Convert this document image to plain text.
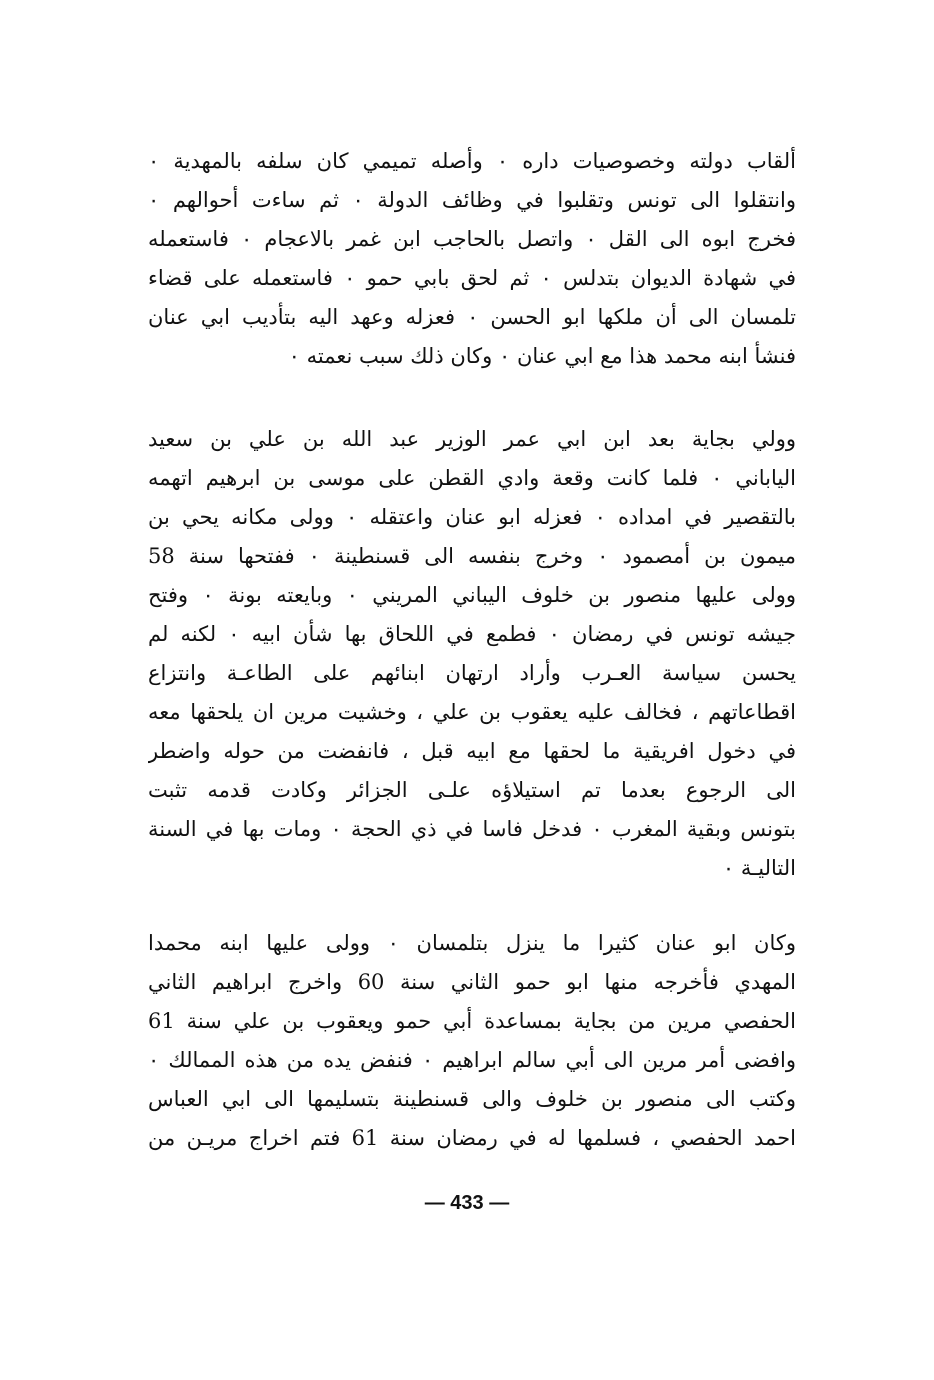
ألقاب دولته وخصوصيات داره ٠ وأصله تميمي كان سلفه بالمهدية ٠
وانتقلوا الى تونس وتقلبوا في وظائف الدولة ٠ ثم ساءت أحوالهم ٠
فخرج ابوه الى القل ٠ واتصل بالحاجب ابن غمر بالاعجام ٠ فاستعمله
في شهادة الديوان بتدلس ٠ ثم لحق بابي حمو ٠ فاستعمله على قضاء
تلمسان الى أن ملكها ابو الحسن ٠ فعزله وعهد اليه بتأديب ابي عنان
فنشأ ابنه محمد هذا مع ابي عنان ٠ وكان ذلك سبب نعمته ٠
وولي بجاية بعد ابن ابي عمر الوزير عبد الله بن علي بن سعيد
الياباني ٠ فلما كانت وقعة وادي القطن على موسى بن ابرهيم اتهمه
بالتقصير في امداده ٠ فعزله ابو عنان واعتقله ٠ وولى مكانه يحي بن
ميمون بن أمصمود ٠ وخرج بنفسه الى قسنطينة ٠ ففتحها سنة 58
وولى عليها منصور بن خلوف اليباني المريني ٠ وبايعته بونة ٠ وفتح
جيشه تونس في رمضان ٠ فطمع في اللحاق بها شأن ابيه ٠ لكنه لم
يحسن سياسة العـرب وأراد ارتهان ابنائهم على الطاعـة وانتزاع
اقطاعاتهم ، فخالف عليه يعقوب بن علي ، وخشيت مرين ان يلحقها معه
في دخول افريقية ما لحقها مع ابيه قبل ، فانفضت من حوله واضطر
الى الرجوع بعدما تم استيلاؤه علـى الجزائر وكادت قدمه تثبت
بتونس وبقية المغرب ٠ فدخل فاسا في ذي الحجة ٠ ومات بها في السنة
التاليـة ٠
وكان ابو عنان كثيرا ما ينزل بتلمسان ٠ وولى عليها ابنه محمدا
المهدي فأخرجه منها ابو حمو الثاني سنة 60 واخرج ابراهيم الثاني
الحفصي مرين من بجاية بمساعدة أبي حمو ويعقوب بن علي سنة 61
وافضى أمر مرين الى أبي سالم ابراهيم ٠ فنفض يده من هذه الممالك ٠
وكتب الى منصور بن خلوف والى قسنطينة بتسليمها الى ابي العباس
احمد الحفصي ، فسلمها له في رمضان سنة 61 فتم اخراج مريـن من
— 433 —
